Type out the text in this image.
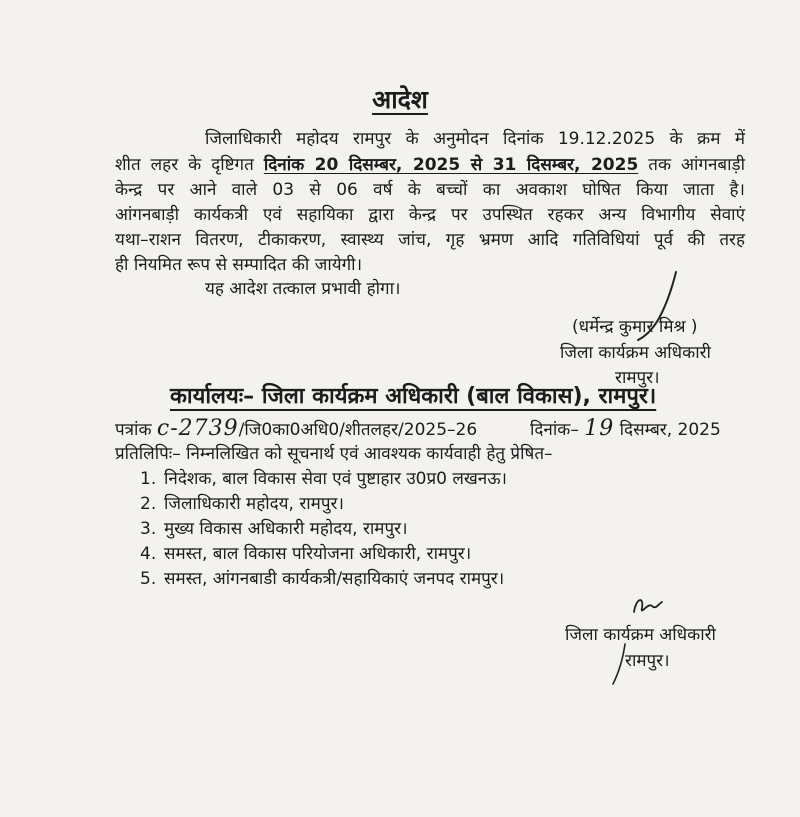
आदेश
जिलाधिकारी महोदय रामपुर के अनुमोदन दिनांक 19.12.2025 के क्रम में
शीत लहर के दृष्टिगत दिनांक 20 दिसम्बर, 2025 से 31 दिसम्बर, 2025 तक आंगनबाड़ी
केन्द्र पर आने वाले 03 से 06 वर्ष के बच्चों का अवकाश घोषित किया जाता है।
आंगनबाड़ी कार्यकत्री एवं सहायिका द्वारा केन्द्र पर उपस्थित रहकर अन्य विभागीय सेवाएं
यथा–राशन वितरण, टीकाकरण, स्वास्थ्य जांच, गृह भ्रमण आदि गतिविधियां पूर्व की तरह
ही नियमित रूप से सम्पादित की जायेगी।
यह आदेश तत्काल प्रभावी होगा।
(धर्मेन्द्र कुमार मिश्र )
जिला कार्यक्रम अधिकारी
रामपुर।
कार्यालयः– जिला कार्यक्रम अधिकारी (बाल विकास), रामपुर।
पत्रांक c-2739/जि0का0अधि0/शीतलहर/2025–26	दिनांक– 19 दिसम्बर, 2025
प्रतिलिपिः– निम्नलिखित को सूचनार्थ एवं आवश्यक कार्यवाही हेतु प्रेषित–
1. निदेशक, बाल विकास सेवा एवं पुष्टाहार उ0प्र0 लखनऊ।
2. जिलाधिकारी महोदय, रामपुर।
3. मुख्य विकास अधिकारी महोदय, रामपुर।
4. समस्त, बाल विकास परियोजना अधिकारी, रामपुर।
5. समस्त, आंगनबाडी कार्यकत्री/सहायिकाएं जनपद रामपुर।
जिला कार्यक्रम अधिकारी
रामपुर।
